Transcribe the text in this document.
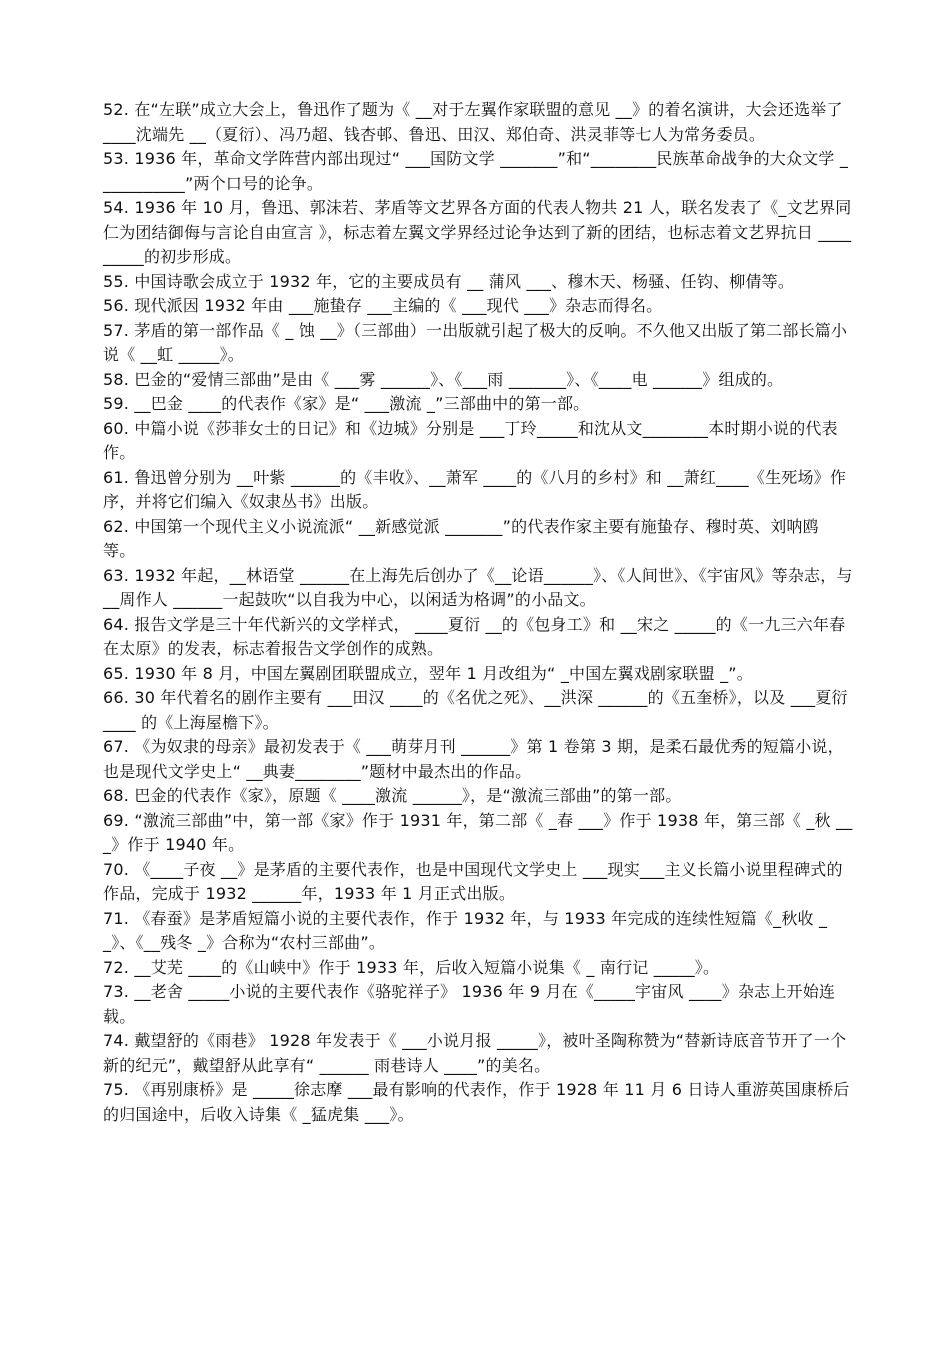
52. 在“左联”成立大会上，鲁迅作了题为《 __对于左翼作家联盟的意见 __》的着名演讲，大会还选举了 ____沈端先 __（夏衍）、冯乃超、钱杏邨、鲁迅、田汉、郑伯奇、洪灵菲等七人为常务委员。

53. 1936 年，革命文学阵营内部出现过“ ___国防文学 _______”和“________民族革命战争的大众文学 ___________”两个口号的论争。

54. 1936 年 10 月，鲁迅、郭沫若、茅盾等文艺界各方面的代表人物共 21 人，联名发表了《_文艺界同仁为团结御侮与言论自由宣言 》，标志着左翼文学界经过论争达到了新的团结，也标志着文艺界抗日 _________的初步形成。

55. 中国诗歌会成立于 1932 年，它的主要成员有 __ 蒲风 ___、穆木天、杨骚、任钧、柳倩等。

56. 现代派因 1932 年由 ___施蛰存 ___主编的《 ___现代 ___》杂志而得名。

57. 茅盾的第一部作品《 _ 蚀 __》（三部曲）一出版就引起了极大的反响。不久他又出版了第二部长篇小说《 __虹 _____》。

58. 巴金的“爱情三部曲”是由《 ___雾 ______》、《___雨 _______》、《____电 ______》组成的。

59. __巴金 ____的代表作《家》是“ ___激流 _”三部曲中的第一部。

60. 中篇小说《莎菲女士的日记》和《边城》分别是 ___丁玲_____和沈从文________本时期小说的代表作。

61. 鲁迅曾分别为 __叶紫 ______的《丰收》、__萧军 ____的《八月的乡村》和 __萧红____《生死场》作序，并将它们编入《奴隶丛书》出版。

62. 中国第一个现代主义小说流派“ __新感觉派 _______”的代表作家主要有施蛰存、穆时英、刘呐鸥 等。

63. 1932 年起，__林语堂 ______在上海先后创办了《__论语______》、《人间世》、《宇宙风》等杂志，与 __周作人 ______一起鼓吹“以自我为中心，以闲适为格调”的小品文。

64. 报告文学是三十年代新兴的文学样式， ____夏衍 __的《包身工》和 __宋之 _____的《一九三六年春在太原》的发表，标志着报告文学创作的成熟。

65. 1930 年 8 月，中国左翼剧团联盟成立，翌年 1 月改组为“ _中国左翼戏剧家联盟 _”。

66. 30 年代着名的剧作主要有 ___田汉 ____的《名优之死》、__洪深 ______的《五奎桥》，以及 ___夏衍 ____ 的《上海屋檐下》。

67. 《为奴隶的母亲》最初发表于《 ___萌芽月刊 ______》第 1 卷第 3 期，是柔石最优秀的短篇小说，也是现代文学史上“ __典妻________”题材中最杰出的作品。

68. 巴金的代表作《家》，原题《 ____激流 ______》，是“激流三部曲”的第一部。

69. “激流三部曲”中，第一部《家》作于 1931 年，第二部《 _春 ___》作于 1938 年，第三部《 _秋 ___》作于 1940 年。

70. 《____子夜 __》是茅盾的主要代表作，也是中国现代文学史上 ___现实___主义长篇小说里程碑式的作品，完成于 1932 ______年，1933 年 1 月正式出版。

71. 《春蚕》是茅盾短篇小说的主要代表作，作于 1932 年，与 1933 年完成的连续性短篇《_秋收 __》、《__残冬 _》合称为“农村三部曲”。

72. __艾芜 ____的《山峡中》作于 1933 年，后收入短篇小说集《 _ 南行记 _____》。

73. __老舍 _____小说的主要代表作《骆驼祥子》 1936 年 9 月在《_____宇宙风 ____》杂志上开始连载。

74. 戴望舒的《雨巷》 1928 年发表于《 ___小说月报 _____》，被叶圣陶称赞为“替新诗底音节开了一个新的纪元”，戴望舒从此享有“ ______ 雨巷诗人 ____”的美名。

75. 《再别康桥》是 _____徐志摩 ___最有影响的代表作，作于 1928 年 11 月 6 日诗人重游英国康桥后的归国途中，后收入诗集《 _猛虎集 ___》。
